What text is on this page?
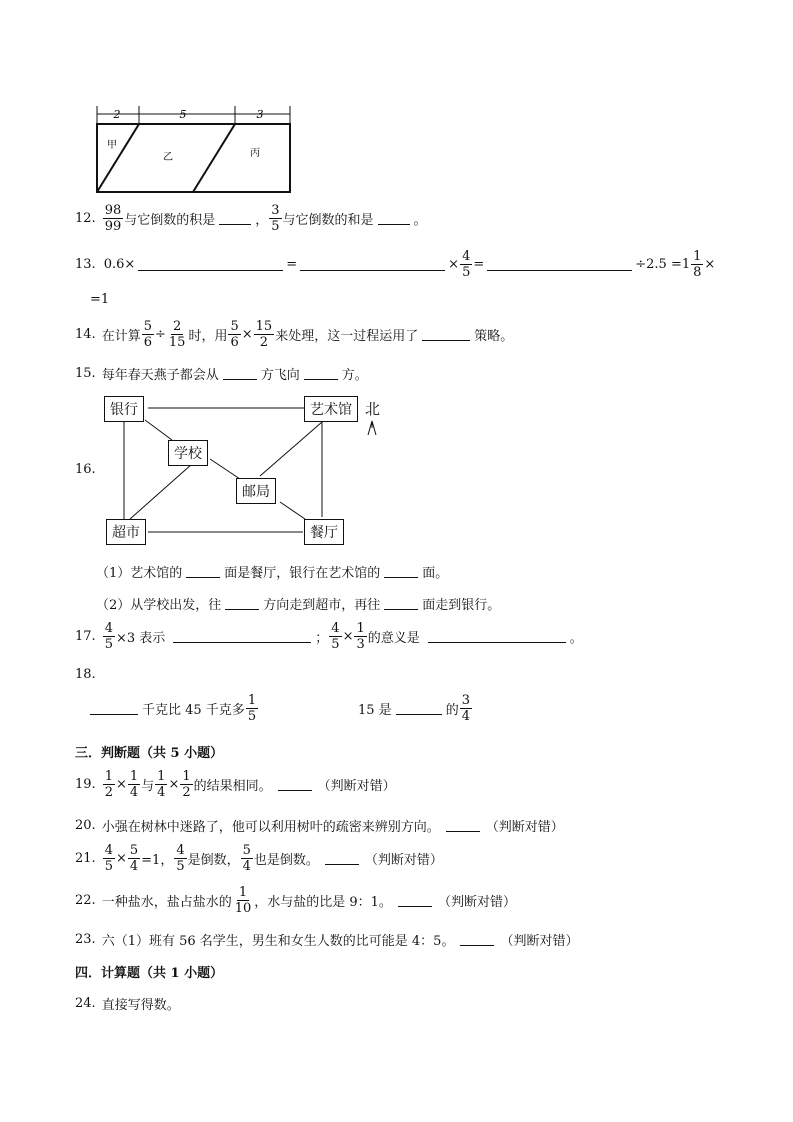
2	5	3
甲
乙	丙
12. $\frac{98}{99}$ 与它倒数的积是	， $\frac{3}{5}$ 与它倒数的和是	。
13. 0.6×	=	× $\frac{4}{5}$ =	$\div 2.5 = 1 \frac{1}{8}$ ×
=1
14. 在计算 $\frac{5}{6} \div \frac{2}{15}$ 时，用 $\frac{5}{6} \times \frac{15}{2}$ 来处理，这一过程运用了	策略。
15. 每年春天燕子都会从	方飞向	方。
16.
银行	艺术馆
学校
邮局
超市	餐厅
北
（1）艺术馆的	面是餐厅，银行在艺术馆的	面。
（2）从学校出发，往	方向走到超市，再往	面走到银行。
17. $\frac{4}{5} \times 3$ 表示	； $\frac{4}{5} \times \frac{1}{3}$ 的意义是	。
18.
千克比 45 千克多 $\frac{1}{5}$	15 是	的 $\frac{3}{4}$
三．判断题（共 5 小题）
19. $\frac{1}{2} \times \frac{1}{4}$ 与 $\frac{1}{4} \times \frac{1}{2}$ 的结果相同。	（判断对错）
20. 小强在树林中迷路了，他可以利用树叶的疏密来辨别方向。	（判断对错）
21. $\frac{4}{5} \times \frac{5}{4} =1$， $\frac{4}{5}$ 是倒数， $\frac{5}{4}$ 也是倒数。	（判断对错）
22. 一种盐水，盐占盐水的 $\frac{1}{10}$ ，水与盐的比是 9：1。	（判断对错）
23. 六（1）班有 56 名学生，男生和女生人数的比可能是 4：5。	（判断对错）
四．计算题（共 1 小题）
24. 直接写得数。
